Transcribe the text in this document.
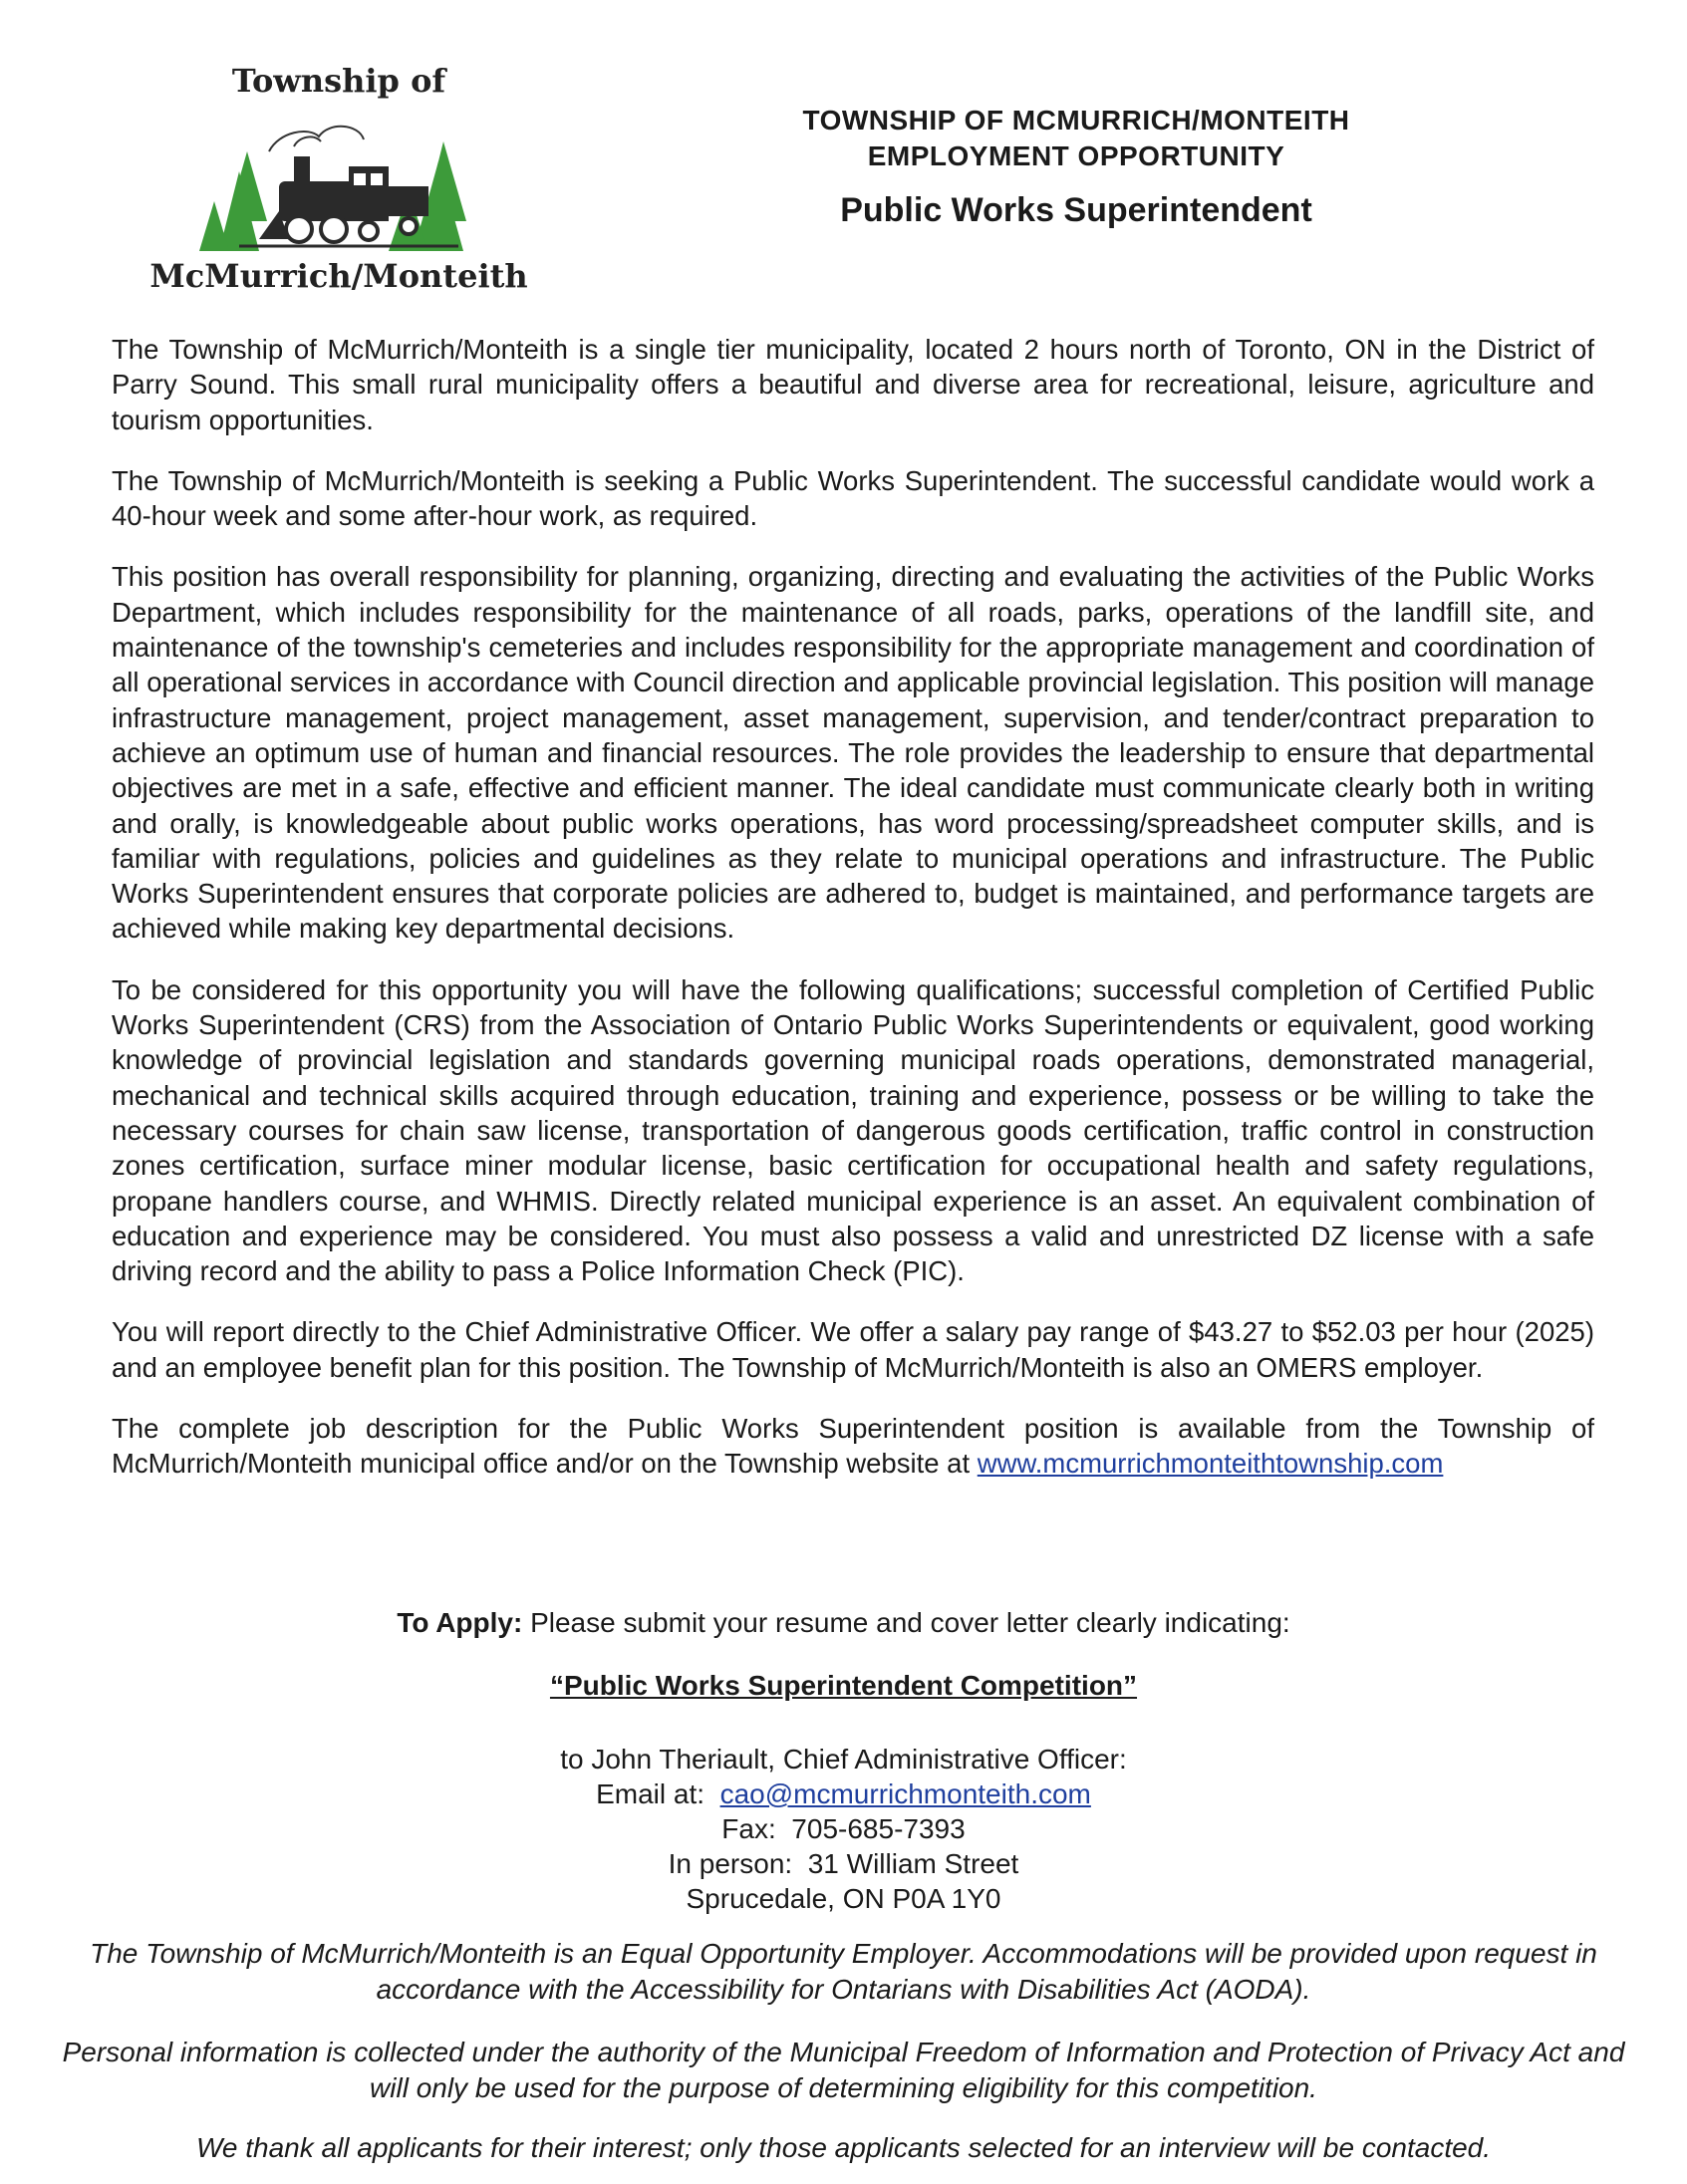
Township of
McMurrich/Monteith
TOWNSHIP OF MCMURRICH/MONTEITH
EMPLOYMENT OPPORTUNITY
Public Works Superintendent

The Township of McMurrich/Monteith is a single tier municipality, located 2 hours north of Toronto, ON in the District of Parry Sound. This small rural municipality offers a beautiful and diverse area for recreational, leisure, agriculture and tourism opportunities.

The Township of McMurrich/Monteith is seeking a Public Works Superintendent. The successful candidate would work a 40-hour week and some after-hour work, as required.

This position has overall responsibility for planning, organizing, directing and evaluating the activities of the Public Works Department, which includes responsibility for the maintenance of all roads, parks, operations of the landfill site, and maintenance of the township's cemeteries and includes responsibility for the appropriate management and coordination of all operational services in accordance with Council direction and applicable provincial legislation. This position will manage infrastructure management, project management, asset management, supervision, and tender/contract preparation to achieve an optimum use of human and financial resources. The role provides the leadership to ensure that departmental objectives are met in a safe, effective and efficient manner. The ideal candidate must communicate clearly both in writing and orally, is knowledgeable about public works operations, has word processing/spreadsheet computer skills, and is familiar with regulations, policies and guidelines as they relate to municipal operations and infrastructure. The Public Works Superintendent ensures that corporate policies are adhered to, budget is maintained, and performance targets are achieved while making key departmental decisions.

To be considered for this opportunity you will have the following qualifications; successful completion of Certified Public Works Superintendent (CRS) from the Association of Ontario Public Works Superintendents or equivalent, good working knowledge of provincial legislation and standards governing municipal roads operations, demonstrated managerial, mechanical and technical skills acquired through education, training and experience, possess or be willing to take the necessary courses for chain saw license, transportation of dangerous goods certification, traffic control in construction zones certification, surface miner modular license, basic certification for occupational health and safety regulations, propane handlers course, and WHMIS. Directly related municipal experience is an asset. An equivalent combination of education and experience may be considered. You must also possess a valid and unrestricted DZ license with a safe driving record and the ability to pass a Police Information Check (PIC).

You will report directly to the Chief Administrative Officer. We offer a salary pay range of $43.27 to $52.03 per hour (2025) and an employee benefit plan for this position. The Township of McMurrich/Monteith is also an OMERS employer.

The complete job description for the Public Works Superintendent position is available from the Township of McMurrich/Monteith municipal office and/or on the Township website at www.mcmurrichmonteithtownship.com

To Apply: Please submit your resume and cover letter clearly indicating:
“Public Works Superintendent Competition”
to John Theriault, Chief Administrative Officer:
Email at:  cao@mcmurrichmonteith.com
Fax:  705-685-7393
In person:  31 William Street
Sprucedale, ON P0A 1Y0
The Township of McMurrich/Monteith is an Equal Opportunity Employer. Accommodations will be provided upon request in accordance with the Accessibility for Ontarians with Disabilities Act (AODA).
Personal information is collected under the authority of the Municipal Freedom of Information and Protection of Privacy Act and will only be used for the purpose of determining eligibility for this competition.
We thank all applicants for their interest; only those applicants selected for an interview will be contacted.
